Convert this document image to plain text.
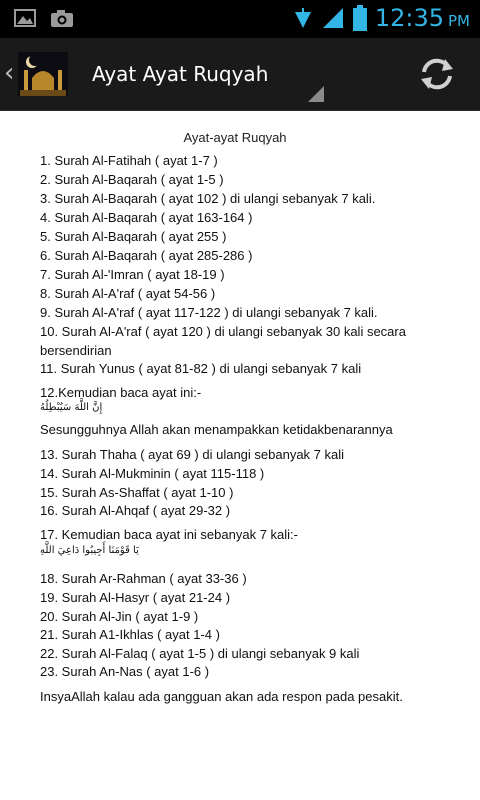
12:35 PM
‹	Ayat Ayat Ruqyah
Ayat-ayat Ruqyah
1. Surah Al-Fatihah ( ayat 1-7 )
2. Surah Al-Baqarah ( ayat 1-5 )
3. Surah Al-Baqarah ( ayat 102 ) di ulangi sebanyak 7 kali.
4. Surah Al-Baqarah ( ayat 163-164 )
5. Surah Al-Baqarah ( ayat 255 )
6. Surah Al-Baqarah ( ayat 285-286 )
7. Surah Al-'Imran ( ayat 18-19 )
8. Surah Al-A'raf ( ayat 54-56 )
9. Surah Al-A'raf ( ayat 117-122 ) di ulangi sebanyak 7 kali.
10. Surah Al-A'raf ( ayat 120 ) di ulangi sebanyak 30 kali secara
bersendirian
11. Surah Yunus ( ayat 81-82 ) di ulangi sebanyak 7 kali
12.Kemudian baca ayat ini:-
إِنَّ اللَّهَ سَيُبْطِلُهُ
Sesungguhnya Allah akan menampakkan ketidakbenarannya
13. Surah Thaha ( ayat 69 ) di ulangi sebanyak 7 kali
14. Surah Al-Mukminin ( ayat 115-118 )
15. Surah As-Shaffat ( ayat 1-10 )
16. Surah Al-Ahqaf ( ayat 29-32 )
17. Kemudian baca ayat ini sebanyak 7 kali:-
يَا قَوْمَنَا أَجِيبُوا دَاعِيَ اللَّهِ
18. Surah Ar-Rahman ( ayat 33-36 )
19. Surah Al-Hasyr ( ayat 21-24 )
20. Surah Al-Jin ( ayat 1-9 )
21. Surah A1-Ikhlas ( ayat 1-4 )
22. Surah Al-Falaq ( ayat 1-5 ) di ulangi sebanyak 9 kali
23. Surah An-Nas ( ayat 1-6 )
InsyaAllah kalau ada gangguan akan ada respon pada pesakit.
